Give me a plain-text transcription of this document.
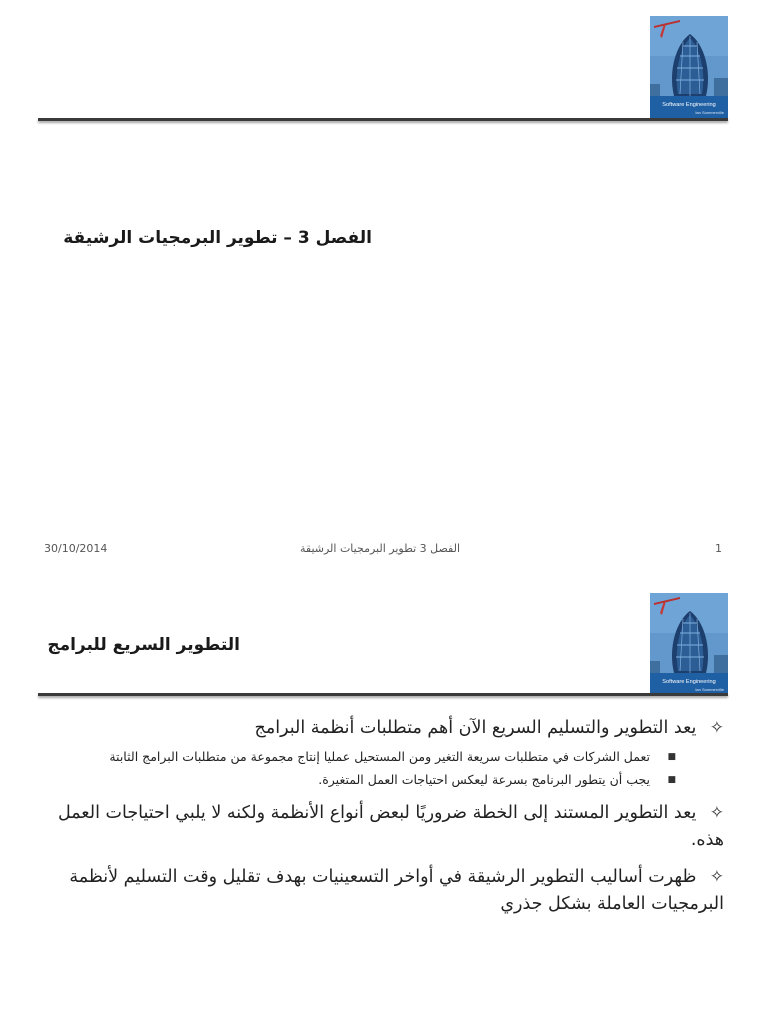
Software Engineering
Ian Sommerville
الفصل 3 – تطوير البرمجيات الرشيقة
30/10/2014	الفصل 3 تطوير البرمجيات الرشيقة	1
Software Engineering
Ian Sommerville
التطوير السريع للبرامج
✧ يعد التطوير والتسليم السريع الآن أهم متطلبات أنظمة البرامج
■ تعمل الشركات في متطلبات سريعة التغير ومن المستحيل عمليا إنتاج مجموعة من متطلبات البرامج الثابتة
■ يجب أن يتطور البرنامج بسرعة ليعكس احتياجات العمل المتغيرة.
✧ يعد التطوير المستند إلى الخطة ضروريًا لبعض أنواع الأنظمة ولكنه لا يلبي احتياجات العمل هذه.
✧ ظهرت أساليب التطوير الرشيقة في أواخر التسعينيات بهدف تقليل وقت التسليم لأنظمة البرمجيات العاملة بشكل جذري
